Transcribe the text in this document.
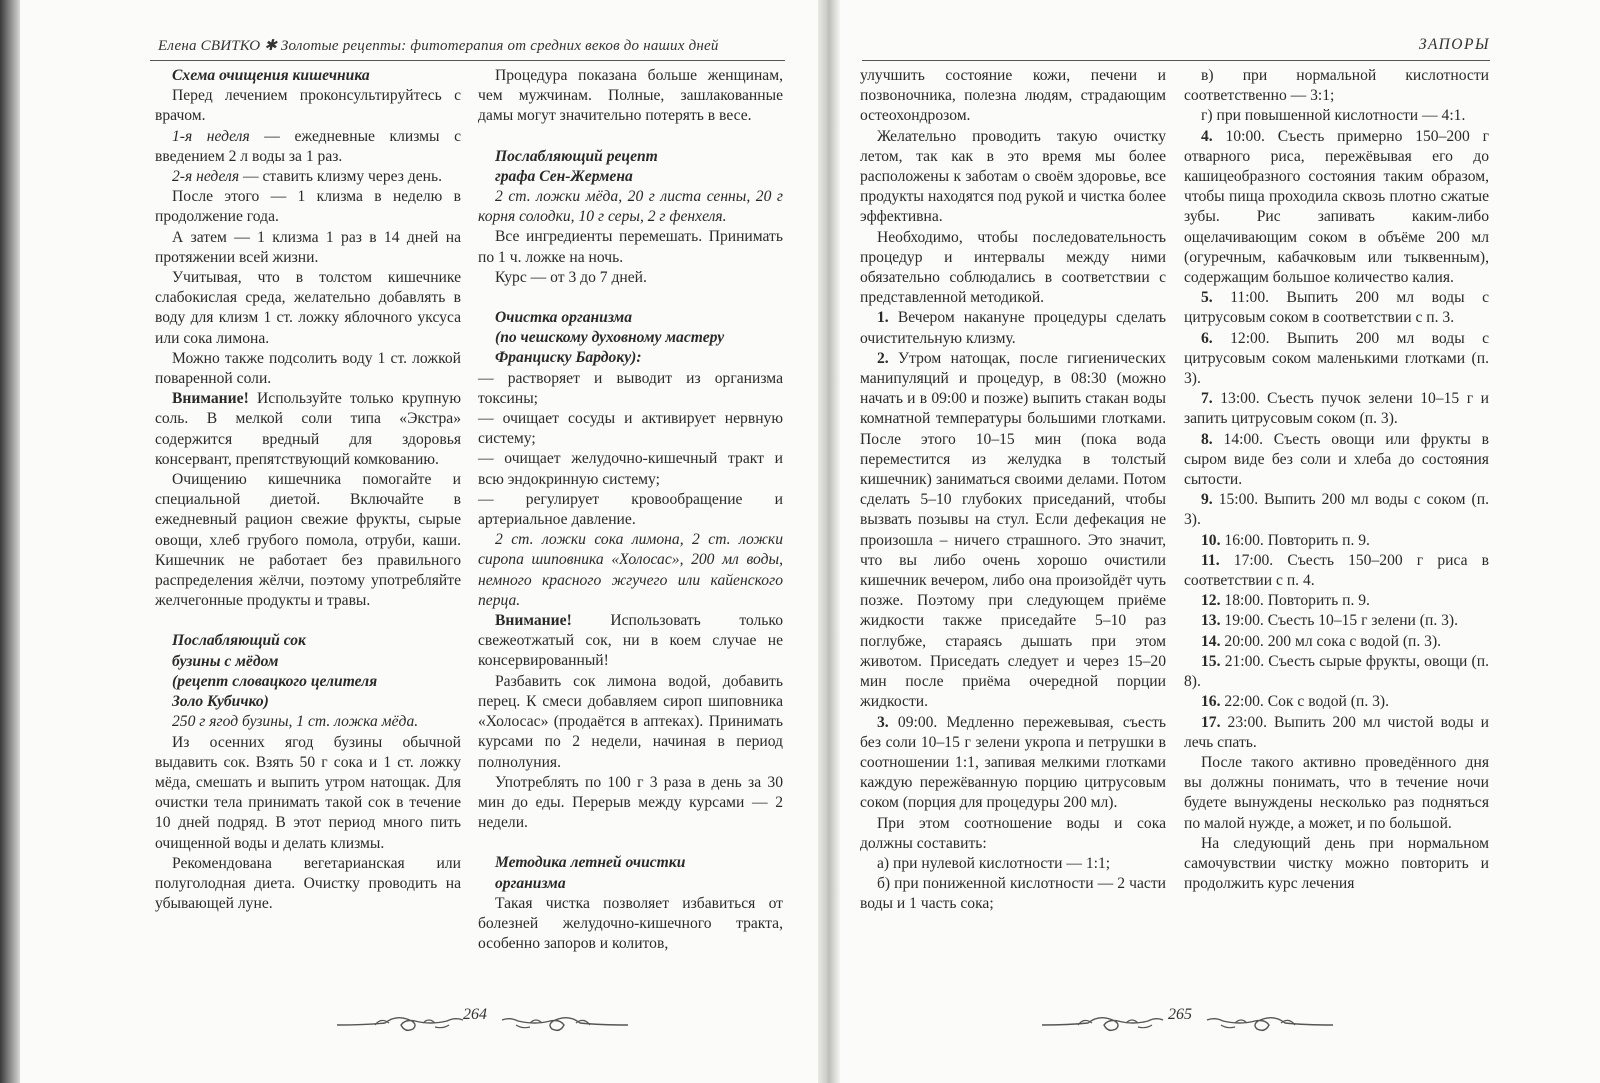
Елена СВИТКО ✱ Золотые рецепты: фитотерапия от средних веков до наших дней	ЗАПОРЫ

Схема очищения кишечника

Перед лечением проконсультируйтесь с врачом.

1-я неделя — ежедневные клизмы с введением 2 л воды за 1 раз.

2-я неделя — ставить клизму через день.

После этого — 1 клизма в неделю в продолжение года.

А затем — 1 клизма 1 раз в 14 дней на протяжении всей жизни.

Учитывая, что в толстом кишечнике слабокислая среда, желательно добавлять в воду для клизм 1 ст. ложку яблочного уксуса или сока лимона.

Можно также подсолить воду 1 ст. ложкой поваренной соли.

Внимание! Используйте только крупную соль. В мелкой соли типа «Экстра» содержится вредный для здоровья консервант, препятствующий комкованию.

Очищению кишечника помогайте и специальной диетой. Включайте в ежедневный рацион свежие фрукты, сырые овощи, хлеб грубого помола, отруби, каши. Кишечник не работает без правильного распределения жёлчи, поэтому употребляйте желчегонные продукты и травы.

Послабляющий сок

бузины с мёдом

(рецепт словацкого целителя

Золо Кубичко)

250 г ягод бузины, 1 ст. ложка мёда.

Из осенних ягод бузины обычной выдавить сок. Взять 50 г сока и 1 ст. ложку мёда, смешать и выпить утром натощак. Для очистки тела принимать такой сок в течение 10 дней подряд. В этот период много пить очищенной воды и делать клизмы.

Рекомендована вегетарианская или полуголодная диета. Очистку проводить на убывающей луне.

Процедура показана больше женщинам, чем мужчинам. Полные, зашлакованные дамы могут значительно потерять в весе.

Послабляющий рецепт

графа Сен-Жермена

2 ст. ложки мёда, 20 г листа сенны, 20 г корня солодки, 10 г серы, 2 г фенхеля.

Все ингредиенты перемешать. Принимать по 1 ч. ложке на ночь.

Курс — от 3 до 7 дней.

Очистка организма

(по чешскому духовному мастеру

Франциску Бардоку):

— растворяет и выводит из организма токсины;

— очищает сосуды и активирует нервную систему;

— очищает желудочно-кишечный тракт и всю эндокринную систему;

— регулирует кровообращение и артериальное давление.

2 ст. ложки сока лимона, 2 ст. ложки сиропа шиповника «Холосас», 200 мл воды, немного красного жгучего или кайенского перца.

Внимание! Использовать только свежеотжатый сок, ни в коем случае не консервированный!

Разбавить сок лимона водой, добавить перец. К смеси добавляем сироп шиповника «Холосас» (продаётся в аптеках). Принимать курсами по 2 недели, начиная в период полнолуния.

Употреблять по 100 г 3 раза в день за 30 мин до еды. Перерыв между курсами — 2 недели.

Методика летней очистки

организма

Такая чистка позволяет избавиться от болезней желудочно-кишечного тракта, особенно запоров и колитов,

улучшить состояние кожи, печени и позвоночника, полезна людям, страдающим остеохондрозом.

Желательно проводить такую очистку летом, так как в это время мы более расположены к заботам о своём здоровье, все продукты находятся под рукой и чистка более эффективна.

Необходимо, чтобы последовательность процедур и интервалы между ними обязательно соблюдались в соответствии с представленной методикой.

1. Вечером накануне процедуры сделать очистительную клизму.

2. Утром натощак, после гигиенических манипуляций и процедур, в 08:30 (можно начать и в 09:00 и позже) выпить стакан воды комнатной температуры большими глотками. После этого 10–15 мин (пока вода переместится из желудка в толстый кишечник) заниматься своими делами. Потом сделать 5–10 глубоких приседаний, чтобы вызвать позывы на стул. Если дефекация не произошла – ничего страшного. Это значит, что вы либо очень хорошо очистили кишечник вечером, либо она произойдёт чуть позже. Поэтому при следующем приёме жидкости также приседайте 5–10 раз поглубже, стараясь дышать при этом животом. Приседать следует и через 15–20 мин после приёма очередной порции жидкости.

3. 09:00. Медленно пережевывая, съесть без соли 10–15 г зелени укропа и петрушки в соотношении 1:1, запивая мелкими глотками каждую пережёванную порцию цитрусовым соком (порция для процедуры 200 мл).

При этом соотношение воды и сока должны составить:

а) при нулевой кислотности — 1:1;

б) при пониженной кислотности — 2 части воды и 1 часть сока;

в) при нормальной кислотности соответственно — 3:1;

г) при повышенной кислотности — 4:1.

4. 10:00. Съесть примерно 150–200 г отварного риса, пережёвывая его до кашицеобразного состояния таким образом, чтобы пища проходила сквозь плотно сжатые зубы. Рис запивать каким-либо ощелачивающим соком в объёме 200 мл (огуречным, кабачковым или тыквенным), содержащим большое количество калия.

5. 11:00. Выпить 200 мл воды с цитрусовым соком в соответствии с п. 3.

6. 12:00. Выпить 200 мл воды с цитрусовым соком маленькими глотками (п. 3).

7. 13:00. Съесть пучок зелени 10–15 г и запить цитрусовым соком (п. 3).

8. 14:00. Съесть овощи или фрукты в сыром виде без соли и хлеба до состояния сытости.

9. 15:00. Выпить 200 мл воды с соком (п. 3).

10. 16:00. Повторить п. 9.

11. 17:00. Съесть 150–200 г риса в соответствии с п. 4.

12. 18:00. Повторить п. 9.

13. 19:00. Съесть 10–15 г зелени (п. 3).

14. 20:00. 200 мл сока с водой (п. 3).

15. 21:00. Съесть сырые фрукты, овощи (п. 8).

16. 22:00. Сок с водой (п. 3).

17. 23:00. Выпить 200 мл чистой воды и лечь спать.

После такого активно проведённого дня вы должны понимать, что в течение ночи будете вынуждены несколько раз подняться по малой нужде, а может, и по большой.

На следующий день при нормальном самочувствии чистку можно повторить и продолжить курс лечения

264	265
